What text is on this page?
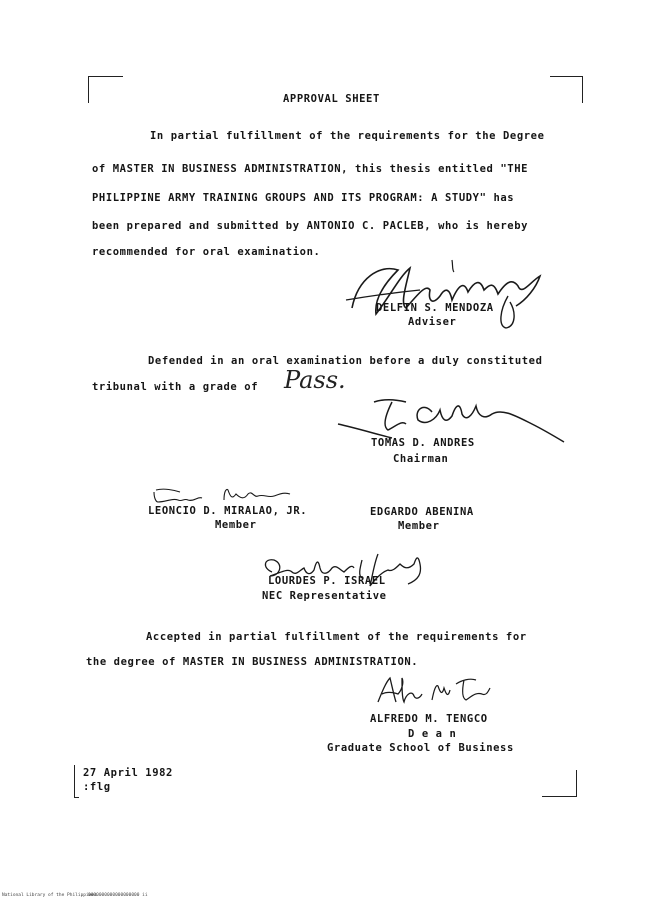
APPROVAL SHEET
In partial fulfillment of the requirements for the Degree
of MASTER IN BUSINESS ADMINISTRATION, this thesis entitled "THE
PHILIPPINE ARMY TRAINING GROUPS AND ITS PROGRAM: A STUDY" has
been prepared and submitted by ANTONIO C. PACLEB, who is hereby
recommended for oral examination.
DELFIN S. MENDOZA
Adviser
Defended in an oral examination before a duly constituted
tribunal with a grade of Pass.
TOMAS D. ANDRES
Chairman
LEONCIO D. MIRALAO, JR.
Member
EDGARDO ABENINA
Member
LOURDES P. ISRAEL
NEC Representative
Accepted in partial fulfillment of the requirements for
the degree of MASTER IN BUSINESS ADMINISTRATION.
ALFREDO M. TENGCO
D e a n
Graduate School of Business
27 April 1982
:flg
National Library of the Philippines
0000000000000000000 ii
